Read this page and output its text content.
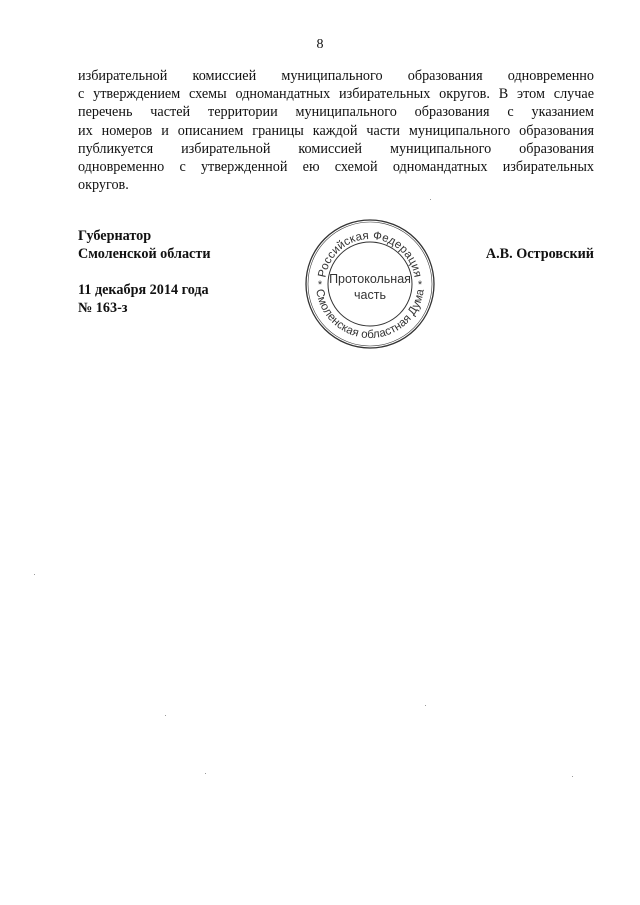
8
избирательной комиссией муниципального образования одновременно
с утверждением схемы одномандатных избирательных округов. В этом случае
перечень частей территории муниципального образования с указанием
их номеров и описанием границы каждой части муниципального образования
публикуется избирательной комиссией муниципального образования
одновременно с утвержденной ею схемой одномандатных избирательных
округов.
Губернатор
Смоленской области
11 декабря 2014 года
№ 163-з
А.В. Островский
Российская Федерация
Смоленская областная Дума
*	*
Протокольная
часть
